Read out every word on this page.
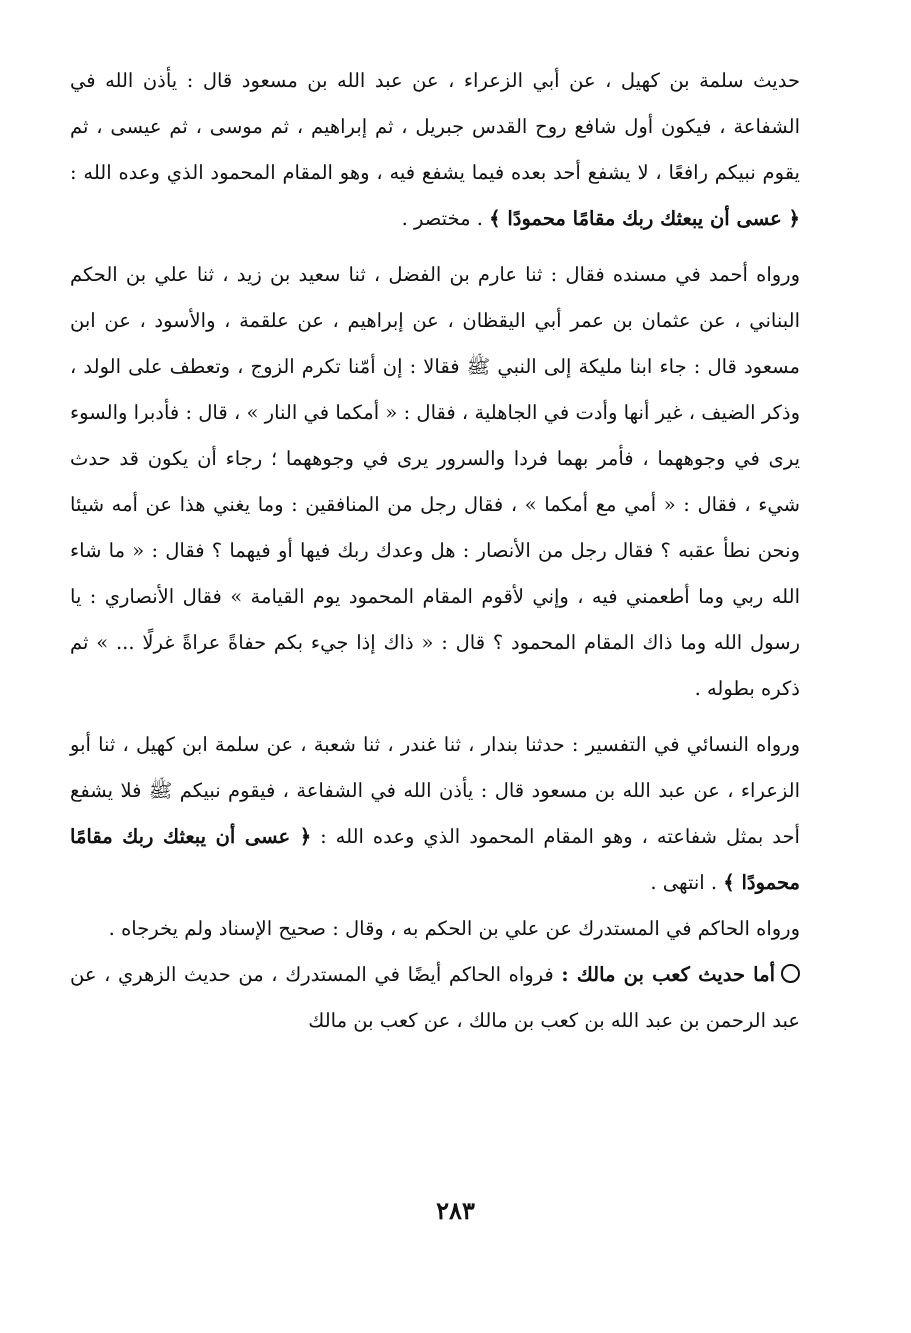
حديث سلمة بن كهيل ، عن أبي الزعراء ، عن عبد الله بن مسعود قال : يأذن الله في الشفاعة ، فيكون أول شافع روح القدس جبريل ، ثم إبراهيم ، ثم موسى ، ثم عيسى ، ثم يقوم نبيكم رافعًا ، لا يشفع أحد بعده فيما يشفع فيه ، وهو المقام المحمود الذي وعده الله : ﴿ عسى أن يبعثك ربك مقامًا محمودًا ﴾ . مختصر .

ورواه أحمد في مسنده فقال : ثنا عارم بن الفضل ، ثنا سعيد بن زيد ، ثنا علي بن الحكم البناني ، عن عثمان بن عمر أبي اليقظان ، عن إبراهيم ، عن علقمة ، والأسود ، عن ابن مسعود قال : جاء ابنا مليكة إلى النبي ﷺ فقالا : إن أمّنا تكرم الزوج ، وتعطف على الولد ، وذكر الضيف ، غير أنها وأدت في الجاهلية ، فقال : « أمكما في النار » ، قال : فأدبرا والسوء يرى في وجوههما ، فأمر بهما فردا والسرور يرى في وجوههما ؛ رجاء أن يكون قد حدث شيء ، فقال : « أمي مع أمكما » ، فقال رجل من المنافقين : وما يغني هذا عن أمه شيئا ونحن نطأ عقبه ؟ فقال رجل من الأنصار : هل وعدك ربك فيها أو فيهما ؟ فقال : « ما شاء الله ربي وما أطعمني فيه ، وإني لأقوم المقام المحمود يوم القيامة » فقال الأنصاري : يا رسول الله وما ذاك المقام المحمود ؟ قال : « ذاك إذا جيء بكم حفاةً عراةً غرلًا ... » ثم ذكره بطوله .

ورواه النسائي في التفسير : حدثنا بندار ، ثنا غندر ، ثنا شعبة ، عن سلمة ابن كهيل ، ثنا أبو الزعراء ، عن عبد الله بن مسعود قال : يأذن الله في الشفاعة ، فيقوم نبيكم ﷺ فلا يشفع أحد بمثل شفاعته ، وهو المقام المحمود الذي وعده الله : ﴿ عسى أن يبعثك ربك مقامًا محمودًا ﴾ . انتهى .

ورواه الحاكم في المستدرك عن علي بن الحكم به ، وقال : صحيح الإسناد ولم يخرجاه .

أما حديث كعب بن مالك : فرواه الحاكم أيضًا في المستدرك ، من حديث الزهري ، عن عبد الرحمن بن عبد الله بن كعب بن مالك ، عن كعب بن مالك

٢٨٣
